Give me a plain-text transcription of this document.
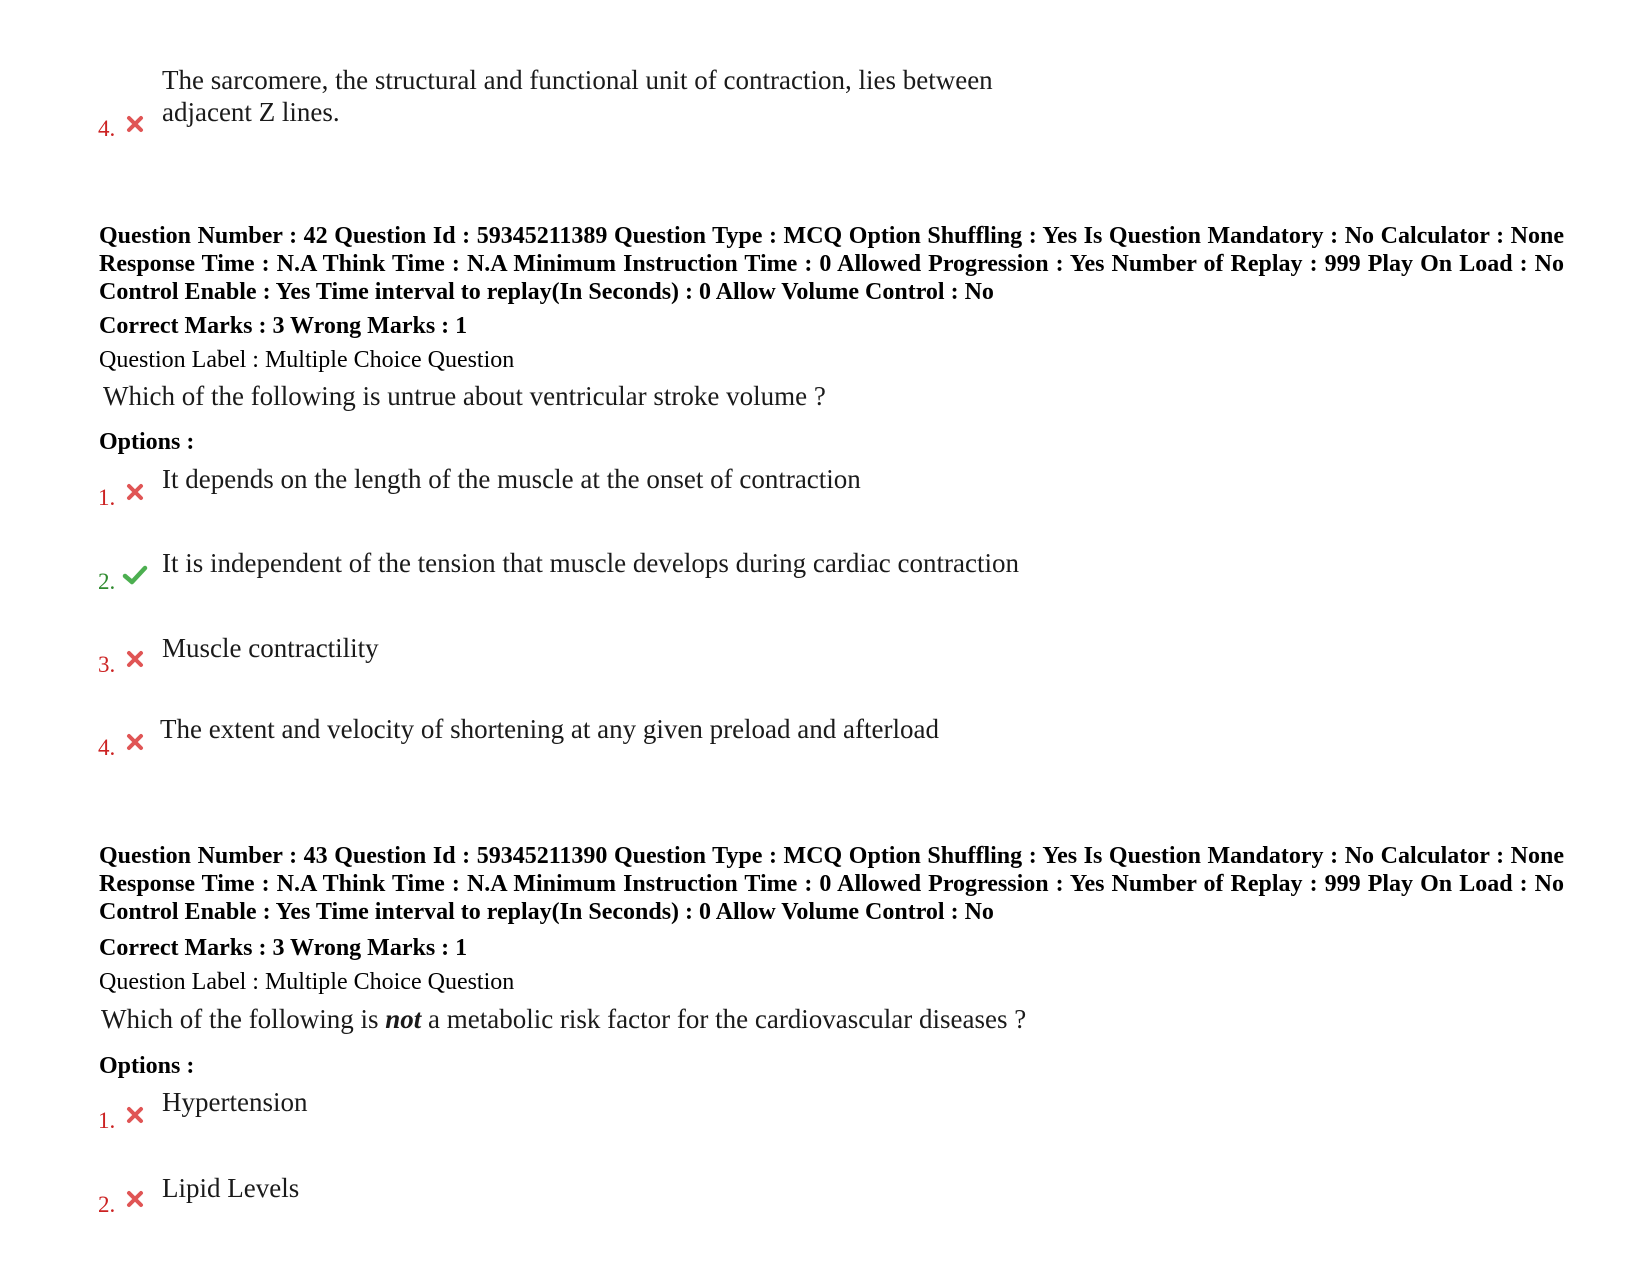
The sarcomere, the structural and functional unit of contraction, lies between
adjacent Z lines.
4.
Question Number : 42 Question Id : 59345211389 Question Type : MCQ Option Shuffling : Yes Is Question Mandatory : No Calculator : None Response Time : N.A Think Time : N.A Minimum Instruction Time : 0 Allowed Progression : Yes Number of Replay : 999 Play On Load : No Control Enable : Yes Time interval to replay(In Seconds) : 0 Allow Volume Control : No
Correct Marks : 3 Wrong Marks : 1
Question Label : Multiple Choice Question
Which of the following is untrue about ventricular stroke volume ?
Options :
1.
It depends on the length of the muscle at the onset of contraction
2.
It is independent of the tension that muscle develops during cardiac contraction
3.
Muscle contractility
4.
The extent and velocity of shortening at any given preload and afterload
Question Number : 43 Question Id : 59345211390 Question Type : MCQ Option Shuffling : Yes Is Question Mandatory : No Calculator : None Response Time : N.A Think Time : N.A Minimum Instruction Time : 0 Allowed Progression : Yes Number of Replay : 999 Play On Load : No Control Enable : Yes Time interval to replay(In Seconds) : 0 Allow Volume Control : No
Correct Marks : 3 Wrong Marks : 1
Question Label : Multiple Choice Question
Which of the following is not a metabolic risk factor for the cardiovascular diseases ?
Options :
1.
Hypertension
2.
Lipid Levels
